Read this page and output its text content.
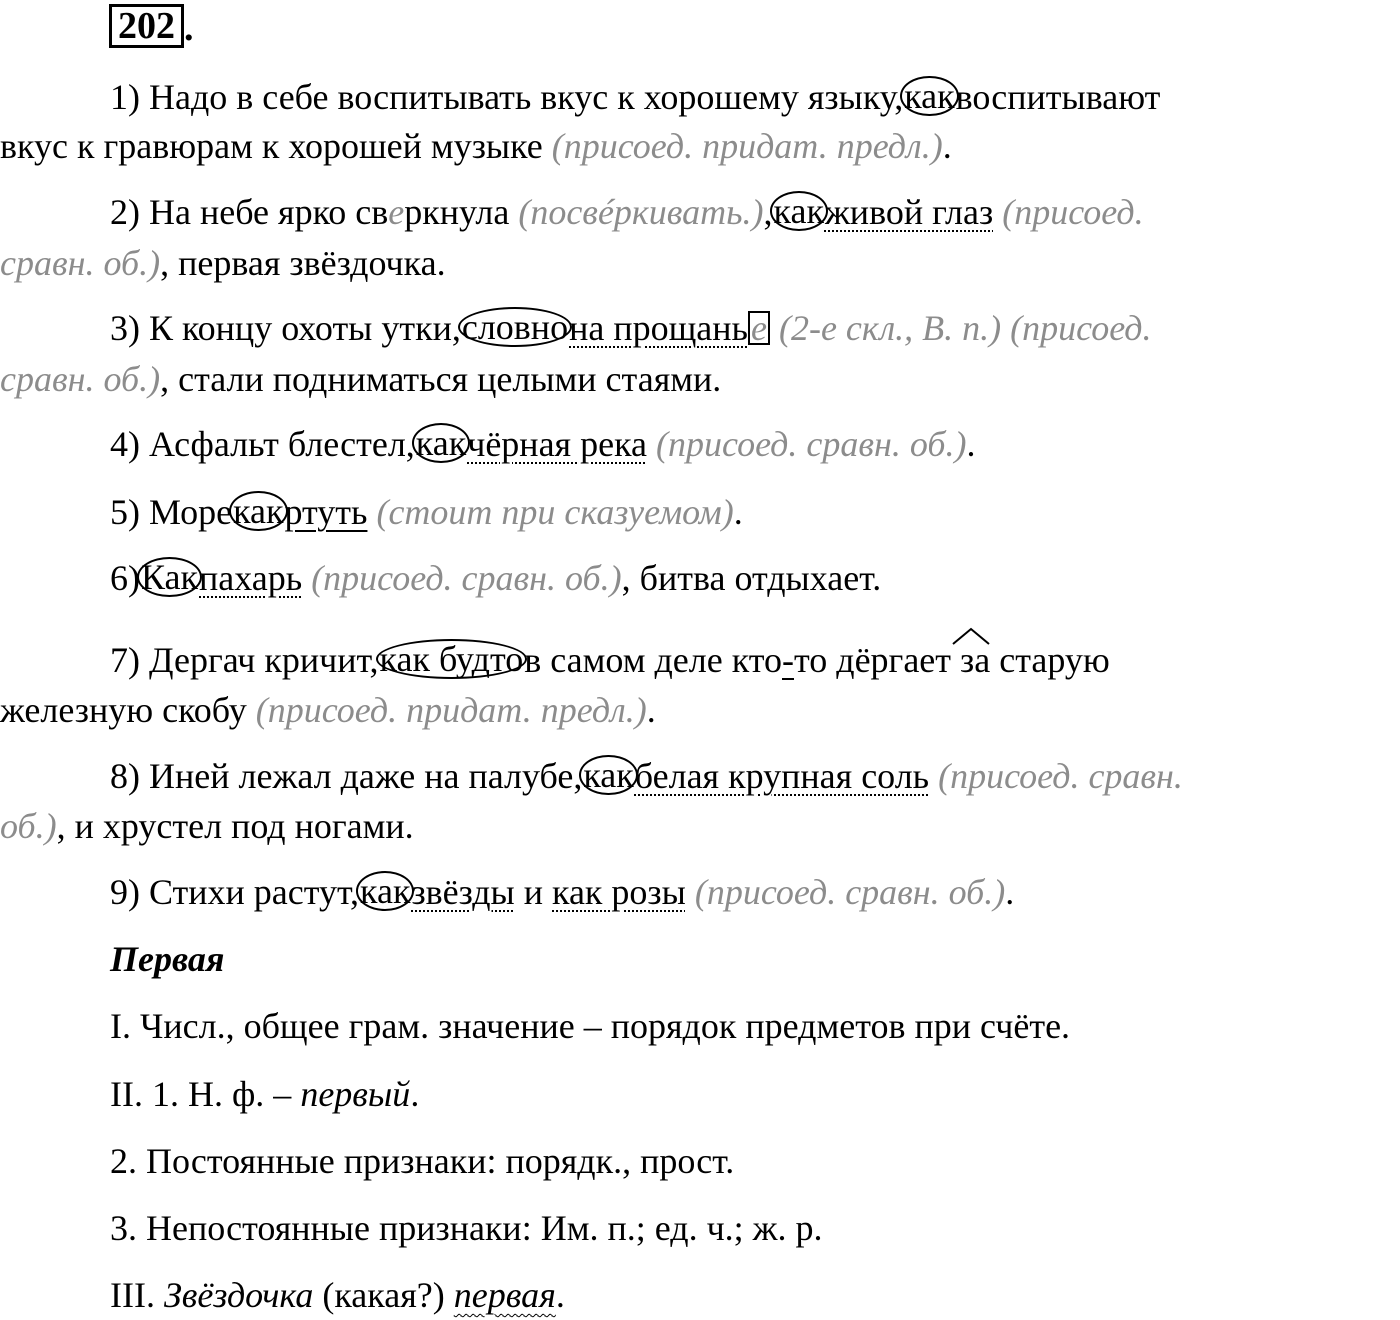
202 .
1) Надо в себе воспитывать вкус к хорошему языку,каквоспитывают
вкус к гравюрам к хорошей музыке (присоед. придат. предл.).
2) На небе ярко сверкнула (посвéркивать.),какживой глаз (присоед.
сравн. об.), первая звёздочка.
3) К концу охоты утки,словнона прощанье (2-е скл., В. п.) (присоед.
сравн. об.), стали подниматься целыми стаями.
4) Асфальт блестел,какчёрная река (присоед. сравн. об.).
5) Морекакртуть (стоит при сказуемом).
6)Какпахарь (присоед. сравн. об.), битва отдыхает.
7) Дергач кричит,как будтов самом деле кто-то дёргает за старую
железную скобу (присоед. придат. предл.).
8) Иней лежал даже на палубе,какбелая крупная соль (присоед. сравн.
об.), и хрустел под ногами.
9) Стихи растут,какзвёзды и как розы (присоед. сравн. об.).
Первая
I. Числ., общее грам. значение – порядок предметов при счёте.
II. 1. Н. ф. – первый.
2. Постоянные признаки: порядк., прост.
3. Непостоянные признаки: Им. п.; ед. ч.; ж. р.
III. Звёздочка (какая?) первая.
